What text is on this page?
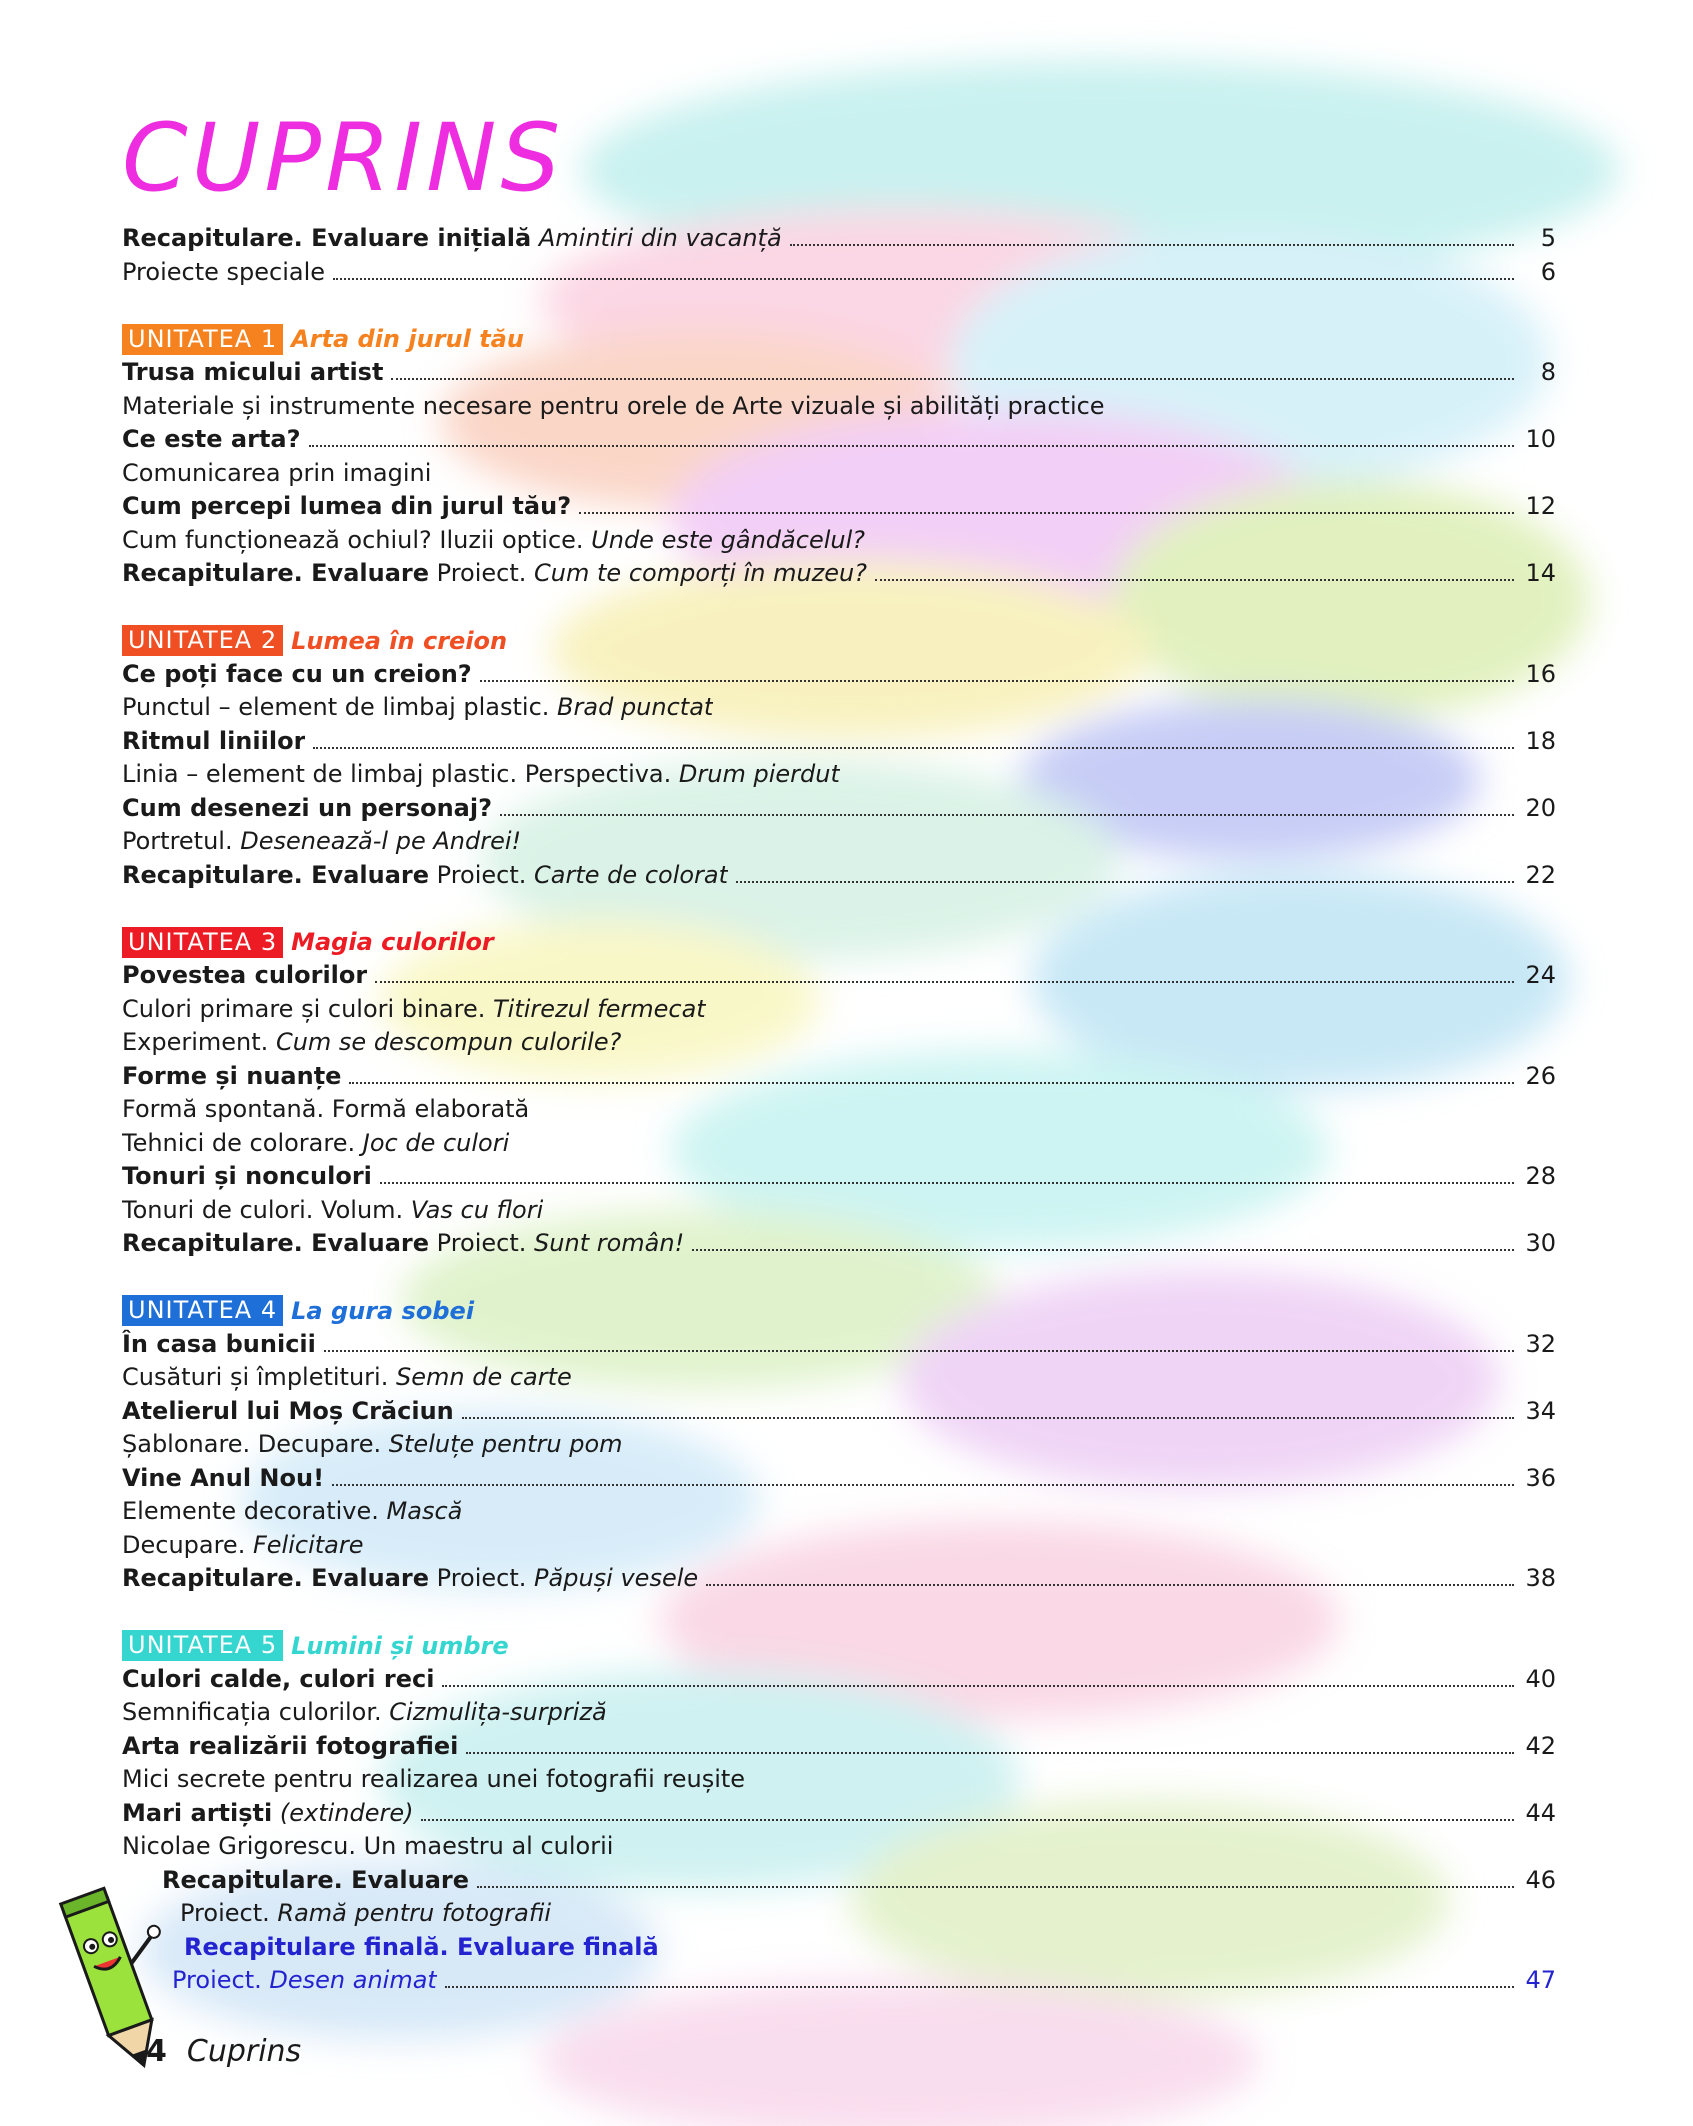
CUPRINS
Recapitulare. Evaluare inițială Amintiri din vacanță	5
Proiecte speciale	6
UNITATEA 1 Arta din jurul tău
Trusa micului artist	8
Materiale și instrumente necesare pentru orele de Arte vizuale și abilități practice
Ce este arta?	10
Comunicarea prin imagini
Cum percepi lumea din jurul tău?	12
Cum funcționează ochiul? Iluzii optice. Unde este gândăcelul?
Recapitulare. Evaluare Proiect. Cum te comporți în muzeu?	14
UNITATEA 2 Lumea în creion
Ce poți face cu un creion?	16
Punctul – element de limbaj plastic. Brad punctat
Ritmul liniilor	18
Linia – element de limbaj plastic. Perspectiva. Drum pierdut
Cum desenezi un personaj?	20
Portretul. Desenează-l pe Andrei!
Recapitulare. Evaluare Proiect. Carte de colorat	22
UNITATEA 3 Magia culorilor
Povestea culorilor	24
Culori primare și culori binare. Titirezul fermecat
Experiment. Cum se descompun culorile?
Forme și nuanțe	26
Formă spontană. Formă elaborată
Tehnici de colorare. Joc de culori
Tonuri și nonculori	28
Tonuri de culori. Volum. Vas cu flori
Recapitulare. Evaluare Proiect. Sunt român!	30
UNITATEA 4 La gura sobei
În casa bunicii	32
Cusături și împletituri. Semn de carte
Atelierul lui Moș Crăciun	34
Șablonare. Decupare. Steluțe pentru pom
Vine Anul Nou!	36
Elemente decorative. Mască
Decupare. Felicitare
Recapitulare. Evaluare Proiect. Păpuși vesele	38
UNITATEA 5 Lumini și umbre
Culori calde, culori reci	40
Semnificația culorilor. Cizmulița-surpriză
Arta realizării fotografiei	42
Mici secrete pentru realizarea unei fotografii reușite
Mari artiști (extindere)	44
Nicolae Grigorescu. Un maestru al culorii
Recapitulare. Evaluare	46
Proiect. Ramă pentru fotografii
Recapitulare finală. Evaluare finală
Proiect. Desen animat	47
4 Cuprins
